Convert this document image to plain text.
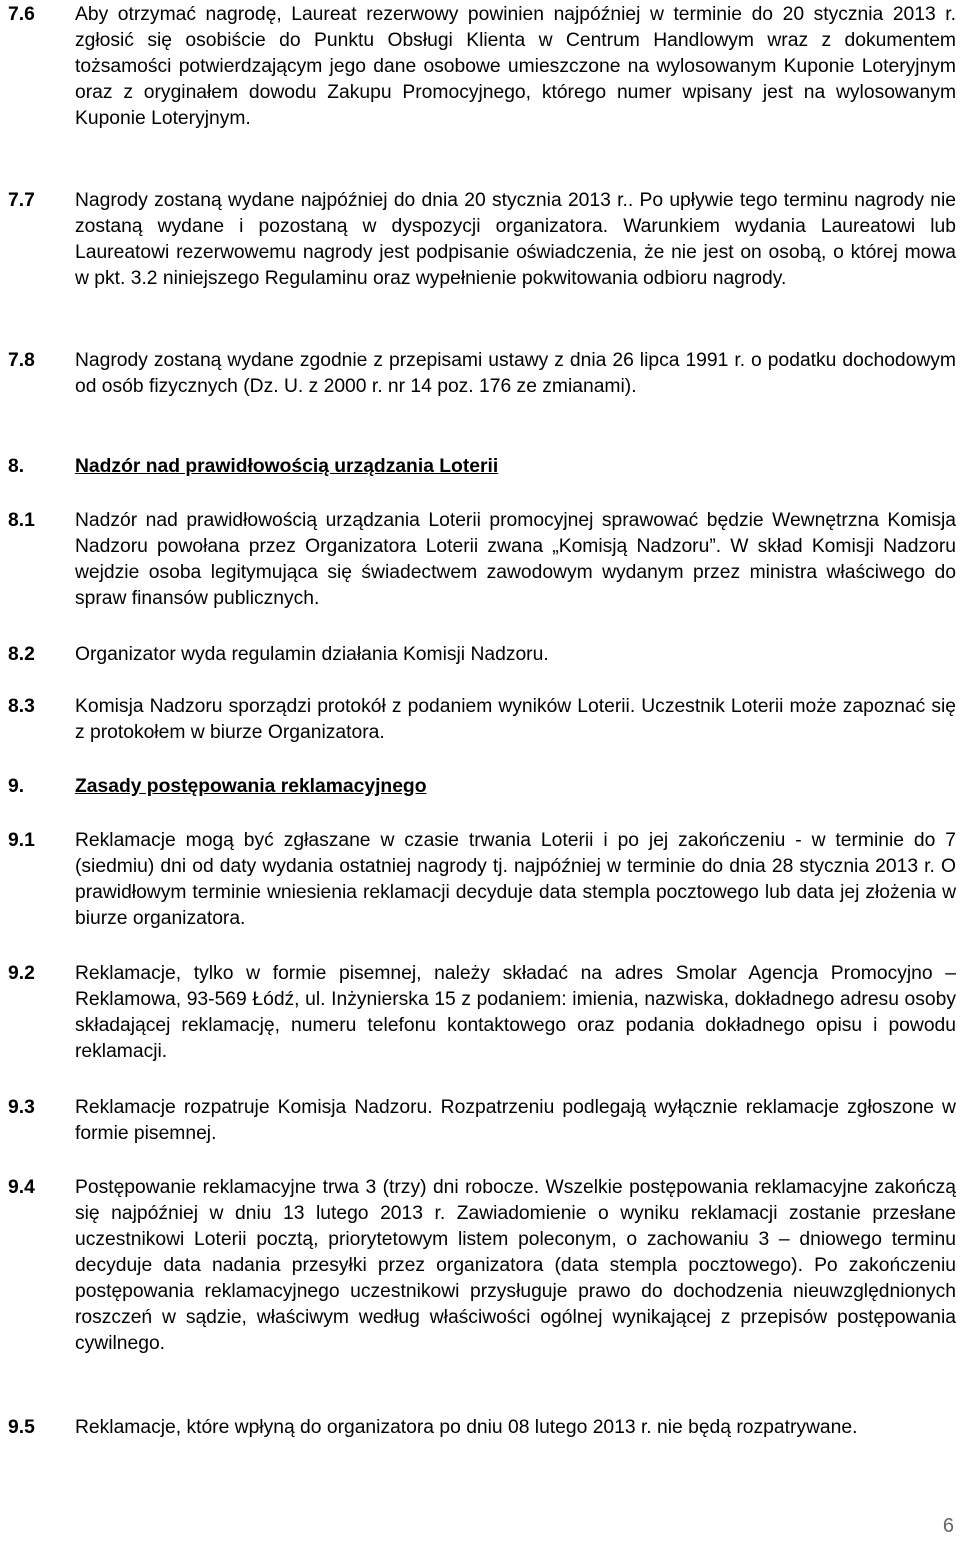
7.6	Aby otrzymać nagrodę, Laureat rezerwowy powinien najpóźniej w terminie do 20 stycznia 2013 r. zgłosić się osobiście do Punktu Obsługi Klienta w Centrum Handlowym wraz z dokumentem tożsamości potwierdzającym jego dane osobowe umieszczone na wylosowanym Kuponie Loteryjnym oraz z oryginałem dowodu Zakupu Promocyjnego, którego numer wpisany jest na wylosowanym Kuponie Loteryjnym.
7.7	Nagrody zostaną wydane najpóźniej do dnia 20 stycznia 2013 r.. Po upływie tego terminu nagrody nie zostaną wydane i pozostaną w dyspozycji organizatora. Warunkiem wydania Laureatowi lub Laureatowi rezerwowemu nagrody jest podpisanie oświadczenia, że nie jest on osobą, o której mowa w pkt. 3.2 niniejszego Regulaminu oraz wypełnienie pokwitowania odbioru nagrody.
7.8	Nagrody zostaną wydane zgodnie z przepisami ustawy z dnia 26 lipca 1991 r. o podatku dochodowym od osób fizycznych (Dz. U. z 2000 r. nr 14 poz. 176 ze zmianami).
8.	Nadzór nad prawidłowością urządzania Loterii
8.1	Nadzór nad prawidłowością urządzania Loterii promocyjnej sprawować będzie Wewnętrzna Komisja Nadzoru powołana przez Organizatora Loterii zwana „Komisją Nadzoru”. W skład Komisji Nadzoru wejdzie osoba legitymująca się świadectwem zawodowym wydanym przez ministra właściwego do spraw finansów publicznych.
8.2	Organizator wyda regulamin działania Komisji Nadzoru.
8.3	Komisja Nadzoru sporządzi protokół z podaniem wyników Loterii. Uczestnik Loterii może zapoznać się z protokołem w biurze Organizatora.
9.	Zasady postępowania reklamacyjnego
9.1	Reklamacje mogą być zgłaszane w czasie trwania Loterii i po jej zakończeniu - w terminie do 7 (siedmiu) dni od daty wydania ostatniej nagrody tj. najpóźniej w terminie do dnia 28 stycznia 2013 r. O prawidłowym terminie wniesienia reklamacji decyduje data stempla pocztowego lub data jej złożenia w biurze organizatora.
9.2	Reklamacje, tylko w formie pisemnej, należy składać na adres Smolar Agencja Promocyjno – Reklamowa, 93-569 Łódź, ul. Inżynierska 15 z podaniem: imienia, nazwiska, dokładnego adresu osoby składającej reklamację, numeru telefonu kontaktowego oraz podania dokładnego opisu i powodu reklamacji.
9.3	Reklamacje rozpatruje Komisja Nadzoru. Rozpatrzeniu podlegają wyłącznie reklamacje zgłoszone w formie pisemnej.
9.4	Postępowanie reklamacyjne trwa 3 (trzy) dni robocze. Wszelkie postępowania reklamacyjne zakończą się najpóźniej w dniu 13 lutego 2013 r. Zawiadomienie o wyniku reklamacji zostanie przesłane uczestnikowi Loterii pocztą, priorytetowym listem poleconym, o zachowaniu 3 – dniowego terminu decyduje data nadania przesyłki przez organizatora (data stempla pocztowego). Po zakończeniu postępowania reklamacyjnego uczestnikowi przysługuje prawo do dochodzenia nieuwzględnionych roszczeń w sądzie, właściwym według właściwości ogólnej wynikającej z przepisów postępowania cywilnego.
9.5	Reklamacje, które wpłyną do organizatora po dniu 08 lutego 2013 r. nie będą rozpatrywane.
6
